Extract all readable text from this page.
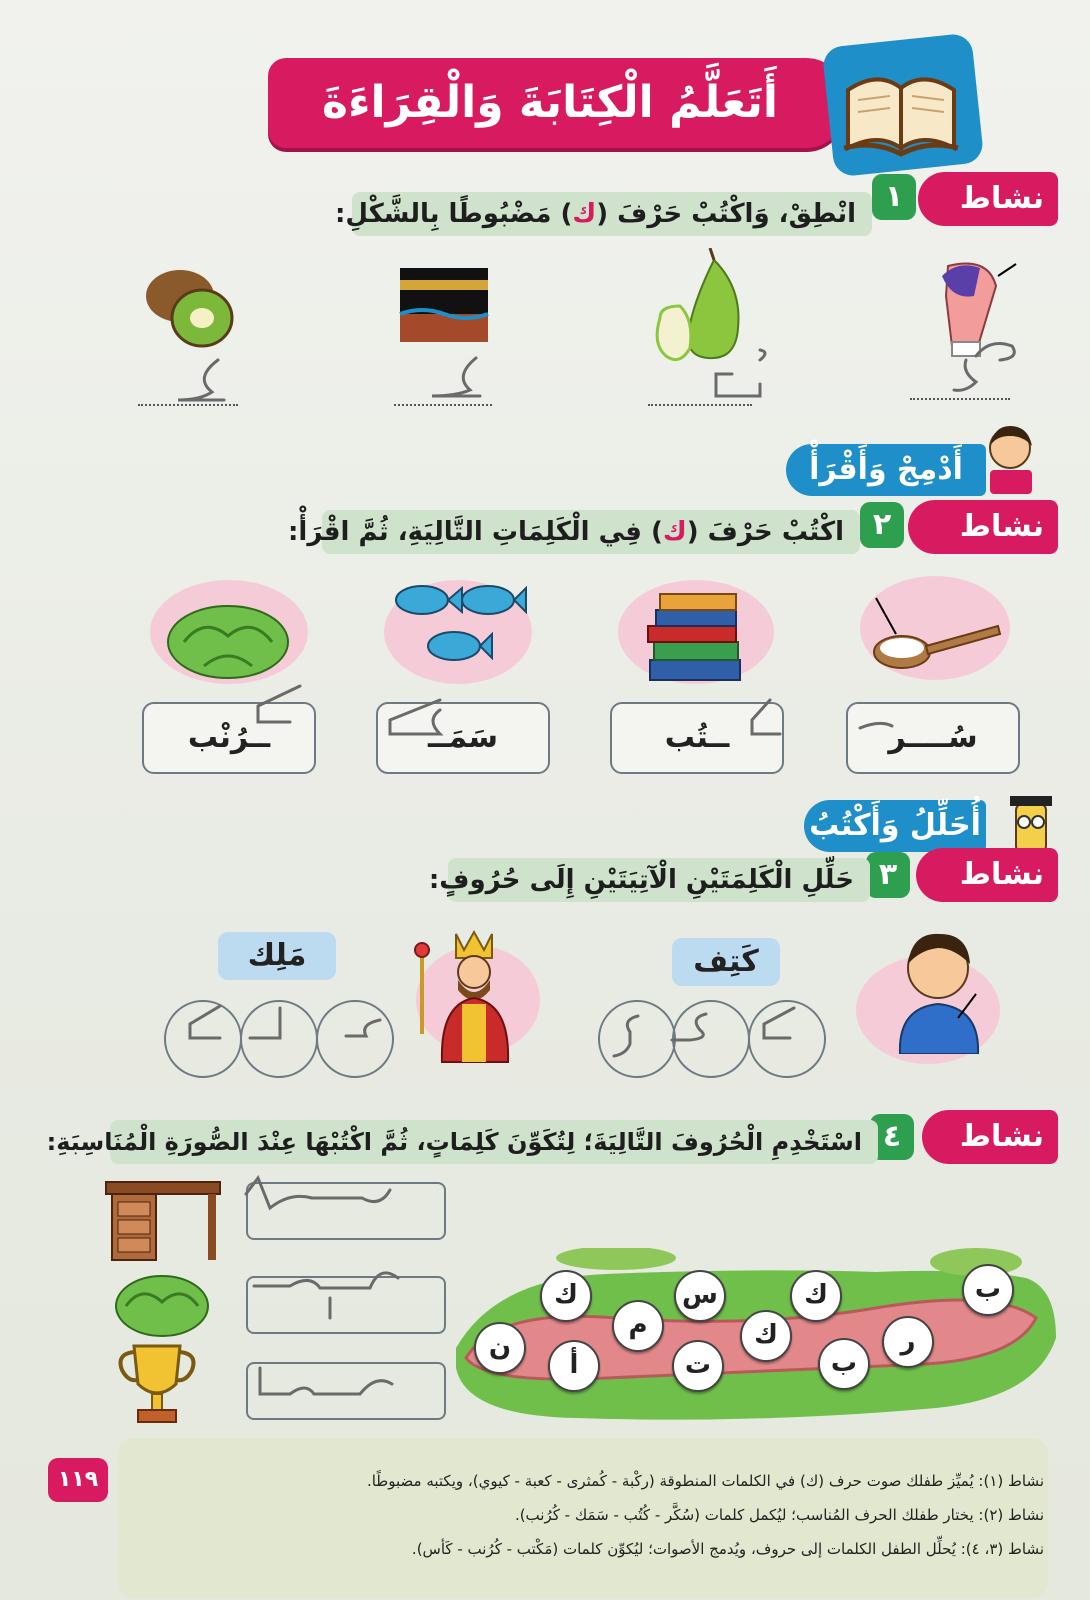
أَتَعَلَّمُ الْكِتَابَةَ وَالْقِرَاءَةَ
نشاط
١
انْطِقْ، وَاكْتُبْ حَرْفَ (ك) مَضْبُوطًا بِالشَّكْلِ:
أَدْمِجْ وَأَقْرَأْ
نشاط
٢
اكْتُبْ حَرْفَ (ك) فِي الْكَلِمَاتِ التَّالِيَةِ، ثُمَّ اقْرَأْ:
سُــــر
ــتُب
سَمَــ
ــرُنْب
أُحَلِّلُ وَأَكْتُبُ
نشاط
٣
حَلِّلِ الْكَلِمَتَيْنِ الْآتِيَتَيْنِ إِلَى حُرُوفٍ:
كَتِف
مَلِك
نشاط
٤
اسْتَخْدِمِ الْحُرُوفَ التَّالِيَةَ؛ لِتُكَوِّنَ كَلِمَاتٍ، ثُمَّ اكْتُبْهَا عِنْدَ الصُّورَةِ الْمُنَاسِبَةِ:
ب
ك
س
ك
ر
ب
ك
ت
م
أ
ن
نشاط (١): يُميِّز طفلك صوت حرف (ك) في الكلمات المنطوقة (ركْبة - كُمثرى - كعبة - كيوي)، ويكتبه مضبوطًا.
نشاط (٢): يختار طفلك الحرف المُناسب؛ ليُكمل كلمات (سُكَّر - كُتُب - سَمَك - كُرُنب).
نشاط (٣، ٤): يُحلِّل الطفل الكلمات إلى حروف، ويُدمج الأصوات؛ ليُكوِّن كلمات (مَكْتب - كُرُنب - كَأس).
١١٩
